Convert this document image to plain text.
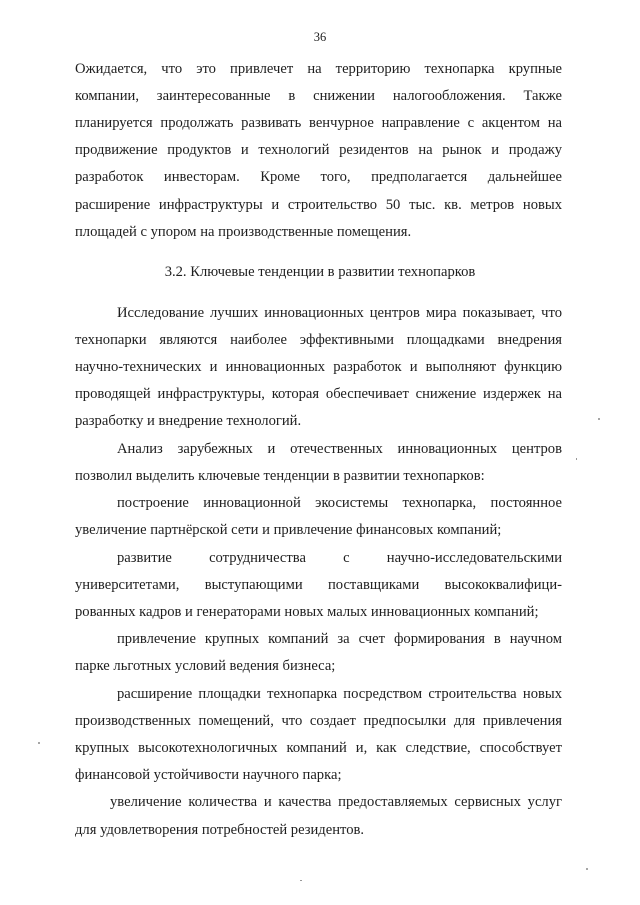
36
Ожидается, что это привлечет на территорию технопарка крупные
компании, заинтересованные в снижении налогообложения. Также
планируется продолжать развивать венчурное направление с акцентом на
продвижение продуктов и технологий резидентов на рынок и продажу
разработок инвесторам. Кроме того, предполагается дальнейшее
расширение инфраструктуры и строительство 50 тыс. кв. метров новых
площадей с упором на производственные помещения.
3.2. Ключевые тенденции в развитии технопарков
Исследование лучших инновационных центров мира показывает, что
технопарки являются наиболее эффективными площадками внедрения
научно-технических и инновационных разработок и выполняют функцию
проводящей инфраструктуры, которая обеспечивает снижение издержек на
разработку и внедрение технологий.
Анализ зарубежных и отечественных инновационных центров
позволил выделить ключевые тенденции в развитии технопарков:
построение инновационной экосистемы технопарка, постоянное
увеличение партнёрской сети и привлечение финансовых компаний;
развитие сотрудничества с научно-исследовательскими
университетами, выступающими поставщиками высококвалифици-
рованных кадров и генераторами новых малых инновационных компаний;
привлечение крупных компаний за счет формирования в научном
парке льготных условий ведения бизнеса;
расширение площадки технопарка посредством строительства новых
производственных помещений, что создает предпосылки для привлечения
крупных высокотехнологичных компаний и, как следствие, способствует
финансовой устойчивости научного парка;
увеличение количества и качества предоставляемых сервисных услуг
для удовлетворения потребностей резидентов.
